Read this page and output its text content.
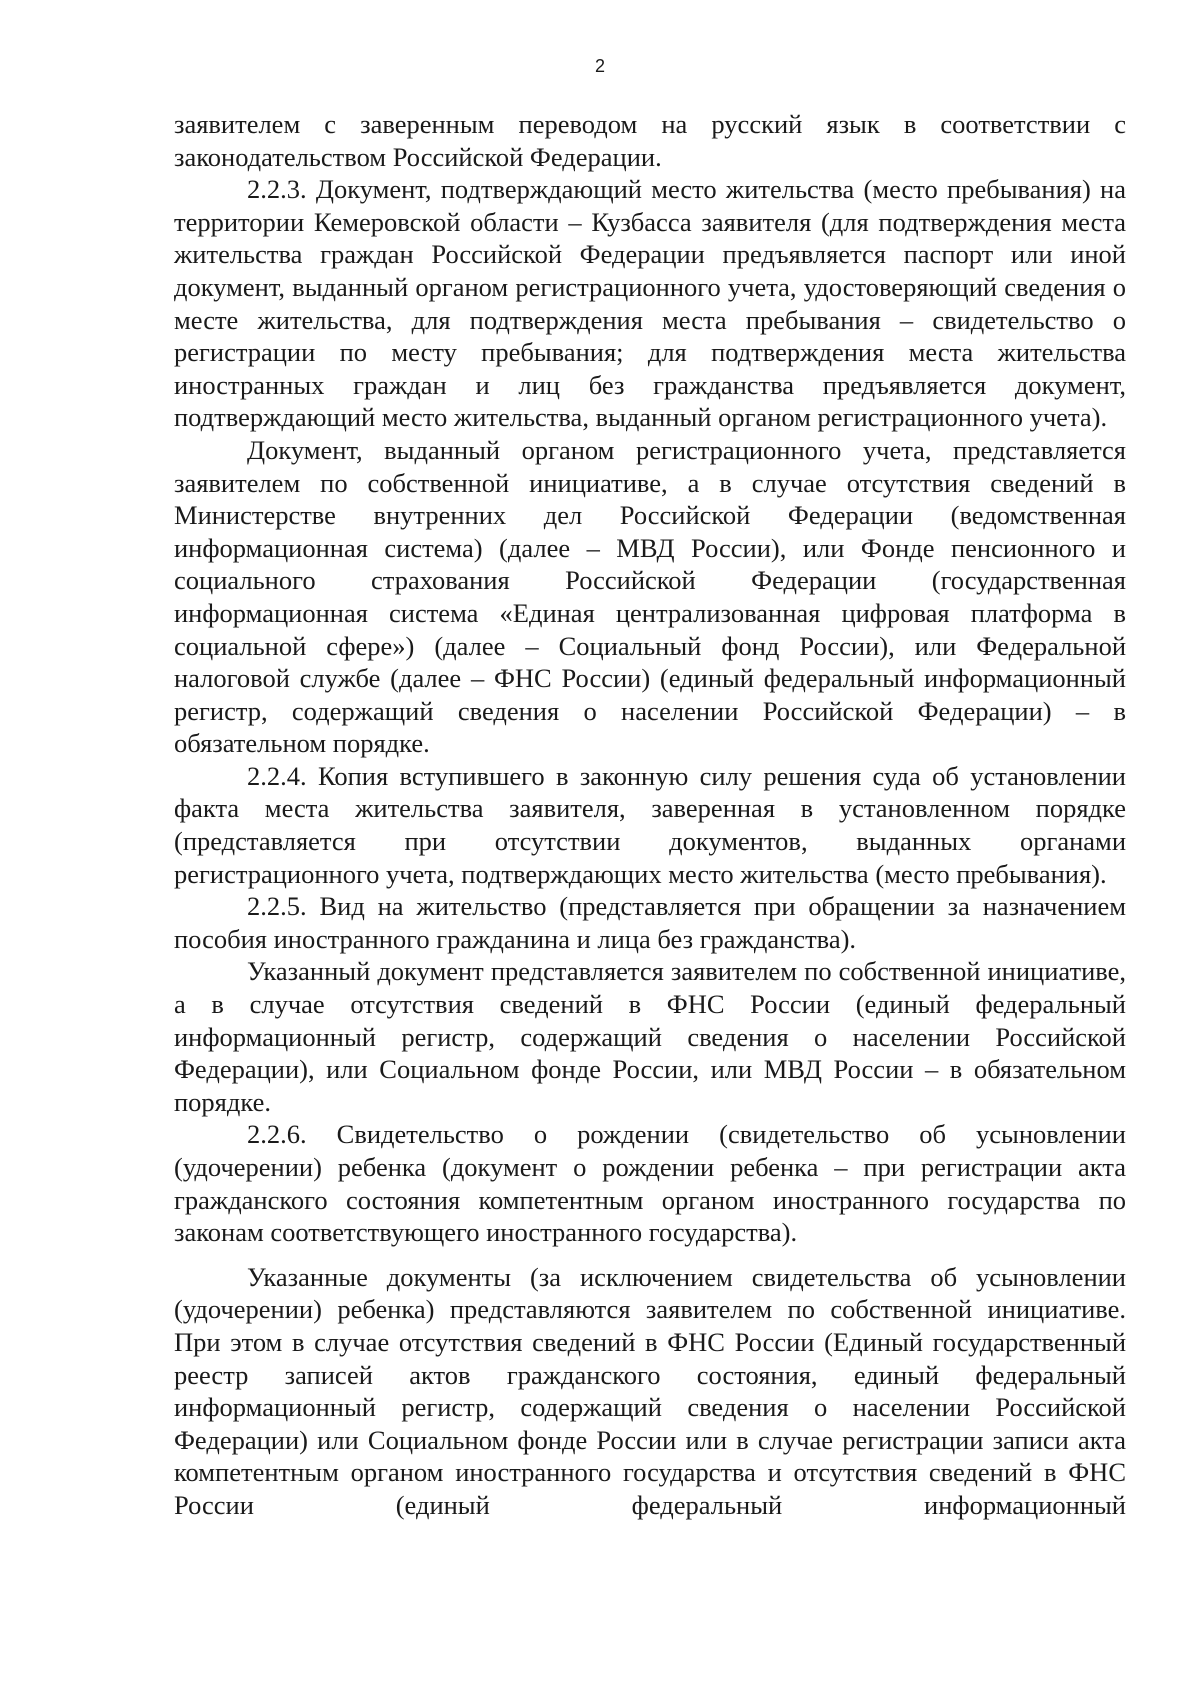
2

заявителем с заверенным переводом на русский язык в соответствии с законодательством Российской Федерации.

2.2.3. Документ, подтверждающий место жительства (место пребывания) на территории Кемеровской области – Кузбасса заявителя (для подтверждения места жительства граждан Российской Федерации предъявляется паспорт или иной документ, выданный органом регистрационного учета, удостоверяющий сведения о месте жительства, для подтверждения места пребывания – свидетельство о регистрации по месту пребывания; для подтверждения места жительства иностранных граждан и лиц без гражданства предъявляется документ, подтверждающий место жительства, выданный органом регистрационного учета).

Документ, выданный органом регистрационного учета, представляется заявителем по собственной инициативе, а в случае отсутствия сведений в Министерстве внутренних дел Российской Федерации (ведомственная информационная система) (далее – МВД России), или Фонде пенсионного и социального страхования Российской Федерации (государственная информационная система «Единая централизованная цифровая платформа в социальной сфере») (далее – Социальный фонд России), или Федеральной налоговой службе (далее – ФНС России) (единый федеральный информационный регистр, содержащий сведения о населении Российской Федерации) – в обязательном порядке.

2.2.4. Копия вступившего в законную силу решения суда об установлении факта места жительства заявителя, заверенная в установленном порядке (представляется при отсутствии документов, выданных органами регистрационного учета, подтверждающих место жительства (место пребывания).

2.2.5. Вид на жительство (представляется при обращении за назначением пособия иностранного гражданина и лица без гражданства).

Указанный документ представляется заявителем по собственной инициативе, а в случае отсутствия сведений в ФНС России (единый федеральный информационный регистр, содержащий сведения о населении Российской Федерации), или Социальном фонде России, или МВД России – в обязательном порядке.

2.2.6. Свидетельство о рождении (свидетельство об усыновлении (удочерении) ребенка (документ о рождении ребенка – при регистрации акта гражданского состояния компетентным органом иностранного государства по законам соответствующего иностранного государства).

Указанные документы (за исключением свидетельства об усыновлении (удочерении) ребенка) представляются заявителем по собственной инициативе. При этом в случае отсутствия сведений в ФНС России (Единый государственный реестр записей актов гражданского состояния, единый федеральный информационный регистр, содержащий сведения о населении Российской Федерации) или Социальном фонде России или в случае регистрации записи акта компетентным органом иностранного государства и отсутствия сведений в ФНС России (единый федеральный информационный
